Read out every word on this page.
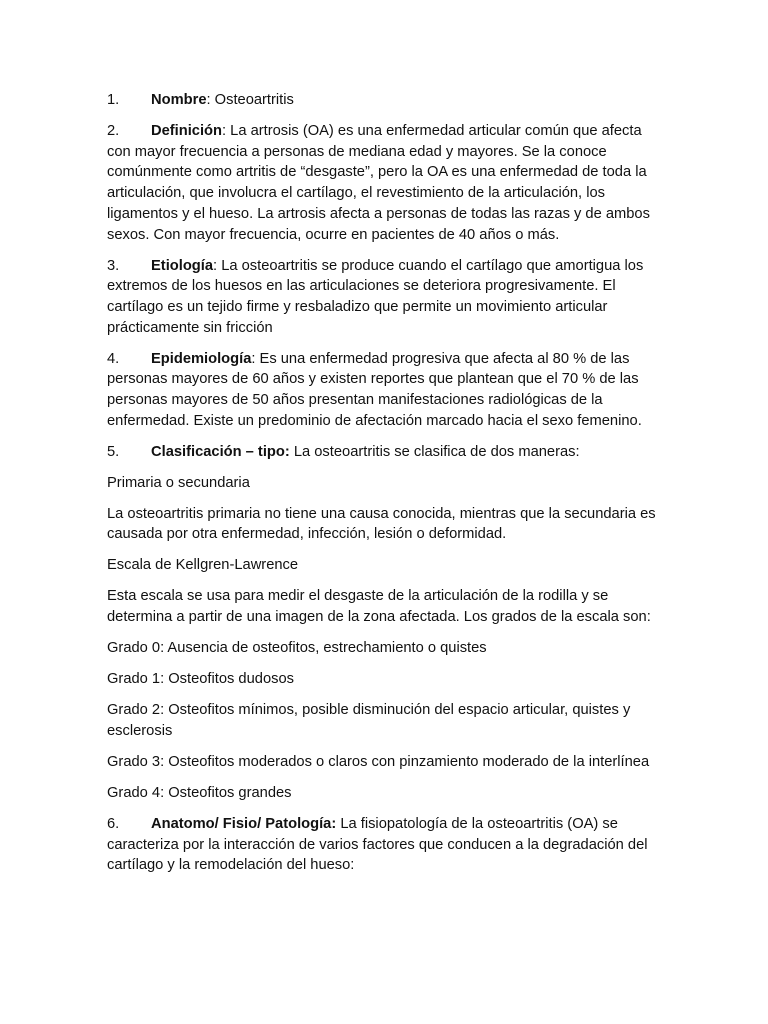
1. Nombre: Osteoartritis

2. Definición: La artrosis (OA) es una enfermedad articular común que afecta con mayor frecuencia a personas de mediana edad y mayores. Se la conoce comúnmente como artritis de “desgaste”, pero la OA es una enfermedad de toda la articulación, que involucra el cartílago, el revestimiento de la articulación, los ligamentos y el hueso. La artrosis afecta a personas de todas las razas y de ambos sexos. Con mayor frecuencia, ocurre en pacientes de 40 años o más.

3. Etiología: La osteoartritis se produce cuando el cartílago que amortigua los extremos de los huesos en las articulaciones se deteriora progresivamente. El cartílago es un tejido firme y resbaladizo que permite un movimiento articular prácticamente sin fricción

4. Epidemiología: Es una enfermedad progresiva que afecta al 80 % de las personas mayores de 60 años y existen reportes que plantean que el 70 % de las personas mayores de 50 años presentan manifestaciones radiológicas de la enfermedad. Existe un predominio de afectación marcado hacia el sexo femenino.

5. Clasificación – tipo: La osteoartritis se clasifica de dos maneras:

Primaria o secundaria

La osteoartritis primaria no tiene una causa conocida, mientras que la secundaria es causada por otra enfermedad, infección, lesión o deformidad.

Escala de Kellgren-Lawrence

Esta escala se usa para medir el desgaste de la articulación de la rodilla y se determina a partir de una imagen de la zona afectada. Los grados de la escala son:

Grado 0: Ausencia de osteofitos, estrechamiento o quistes

Grado 1: Osteofitos dudosos

Grado 2: Osteofitos mínimos, posible disminución del espacio articular, quistes y esclerosis

Grado 3: Osteofitos moderados o claros con pinzamiento moderado de la interlínea

Grado 4: Osteofitos grandes

6. Anatomo/ Fisio/ Patología: La fisiopatología de la osteoartritis (OA) se caracteriza por la interacción de varios factores que conducen a la degradación del cartílago y la remodelación del hueso:
